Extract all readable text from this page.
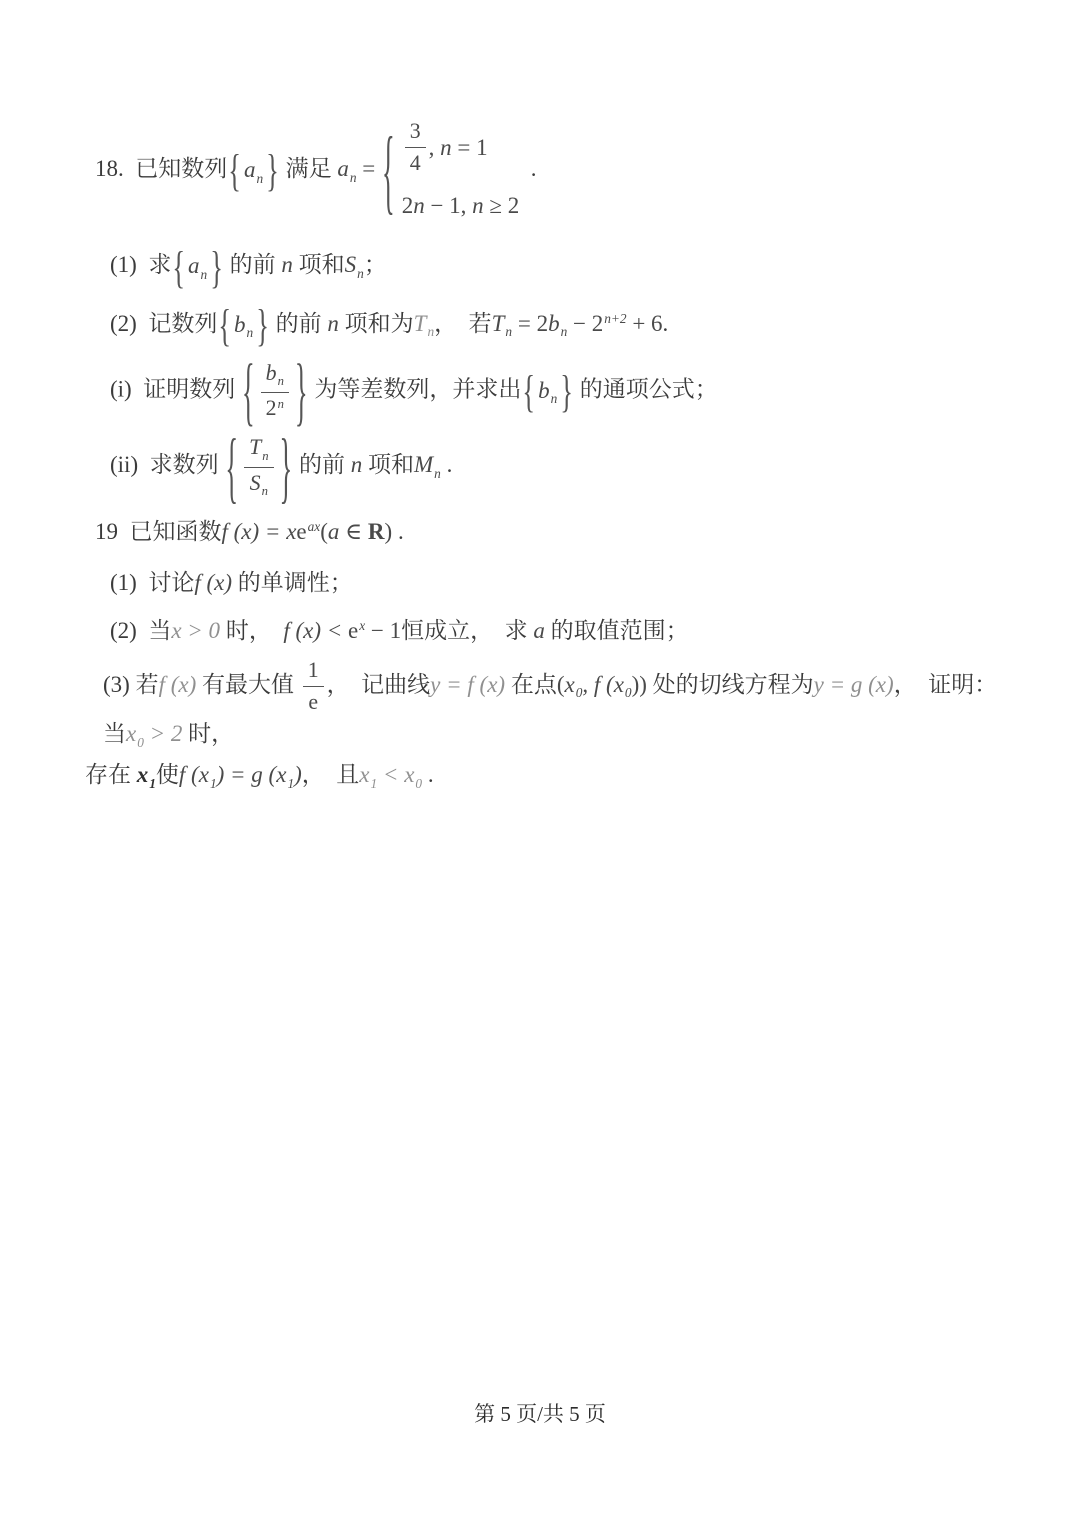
18.  已知数列 { $a_n$ } 满足 $a_n$ = { $\frac{3}{4}$ , n = 1
2 n − 1, n ≥ 2
.
(1)  求 { $a_n$ } 的前 n 项和$S_n$；
(2)  记数列 { $b_n$ } 的前 n 项和为$T_n$，  若$T_n = 2b_n - 2^{n+2} + 6$.
(i)  证明数列 { $\frac{b_n}{2^n}$ } 为等差数列，并求出 { $b_n$ } 的通项公式；
(ii)  求数列 { $\frac{T_n}{S_n}$ } 的前 n 项和$M_n$ .
19  已知函数f $(x) = xe^{ax}(a$ ∈ R) .
(1)  讨论f (x) 的单调性；
(2)  当x > 0 时，  f $(x) < e^x - 1$恒成立，  求 a 的取值范围；
(3) 若f (x) 有最大值 $\frac{1}{e}$ ，  记曲线y = f (x) 在点($x_0$, f $(x_0)$) 处的切线方程为y = g (x)，  证明：  当$x_0 > 2$ 时，
存在 $x_1$使f $(x_1) = g$ $(x_1)$，  且$x_1 < x_0$ .
第 5 页/共 5 页
